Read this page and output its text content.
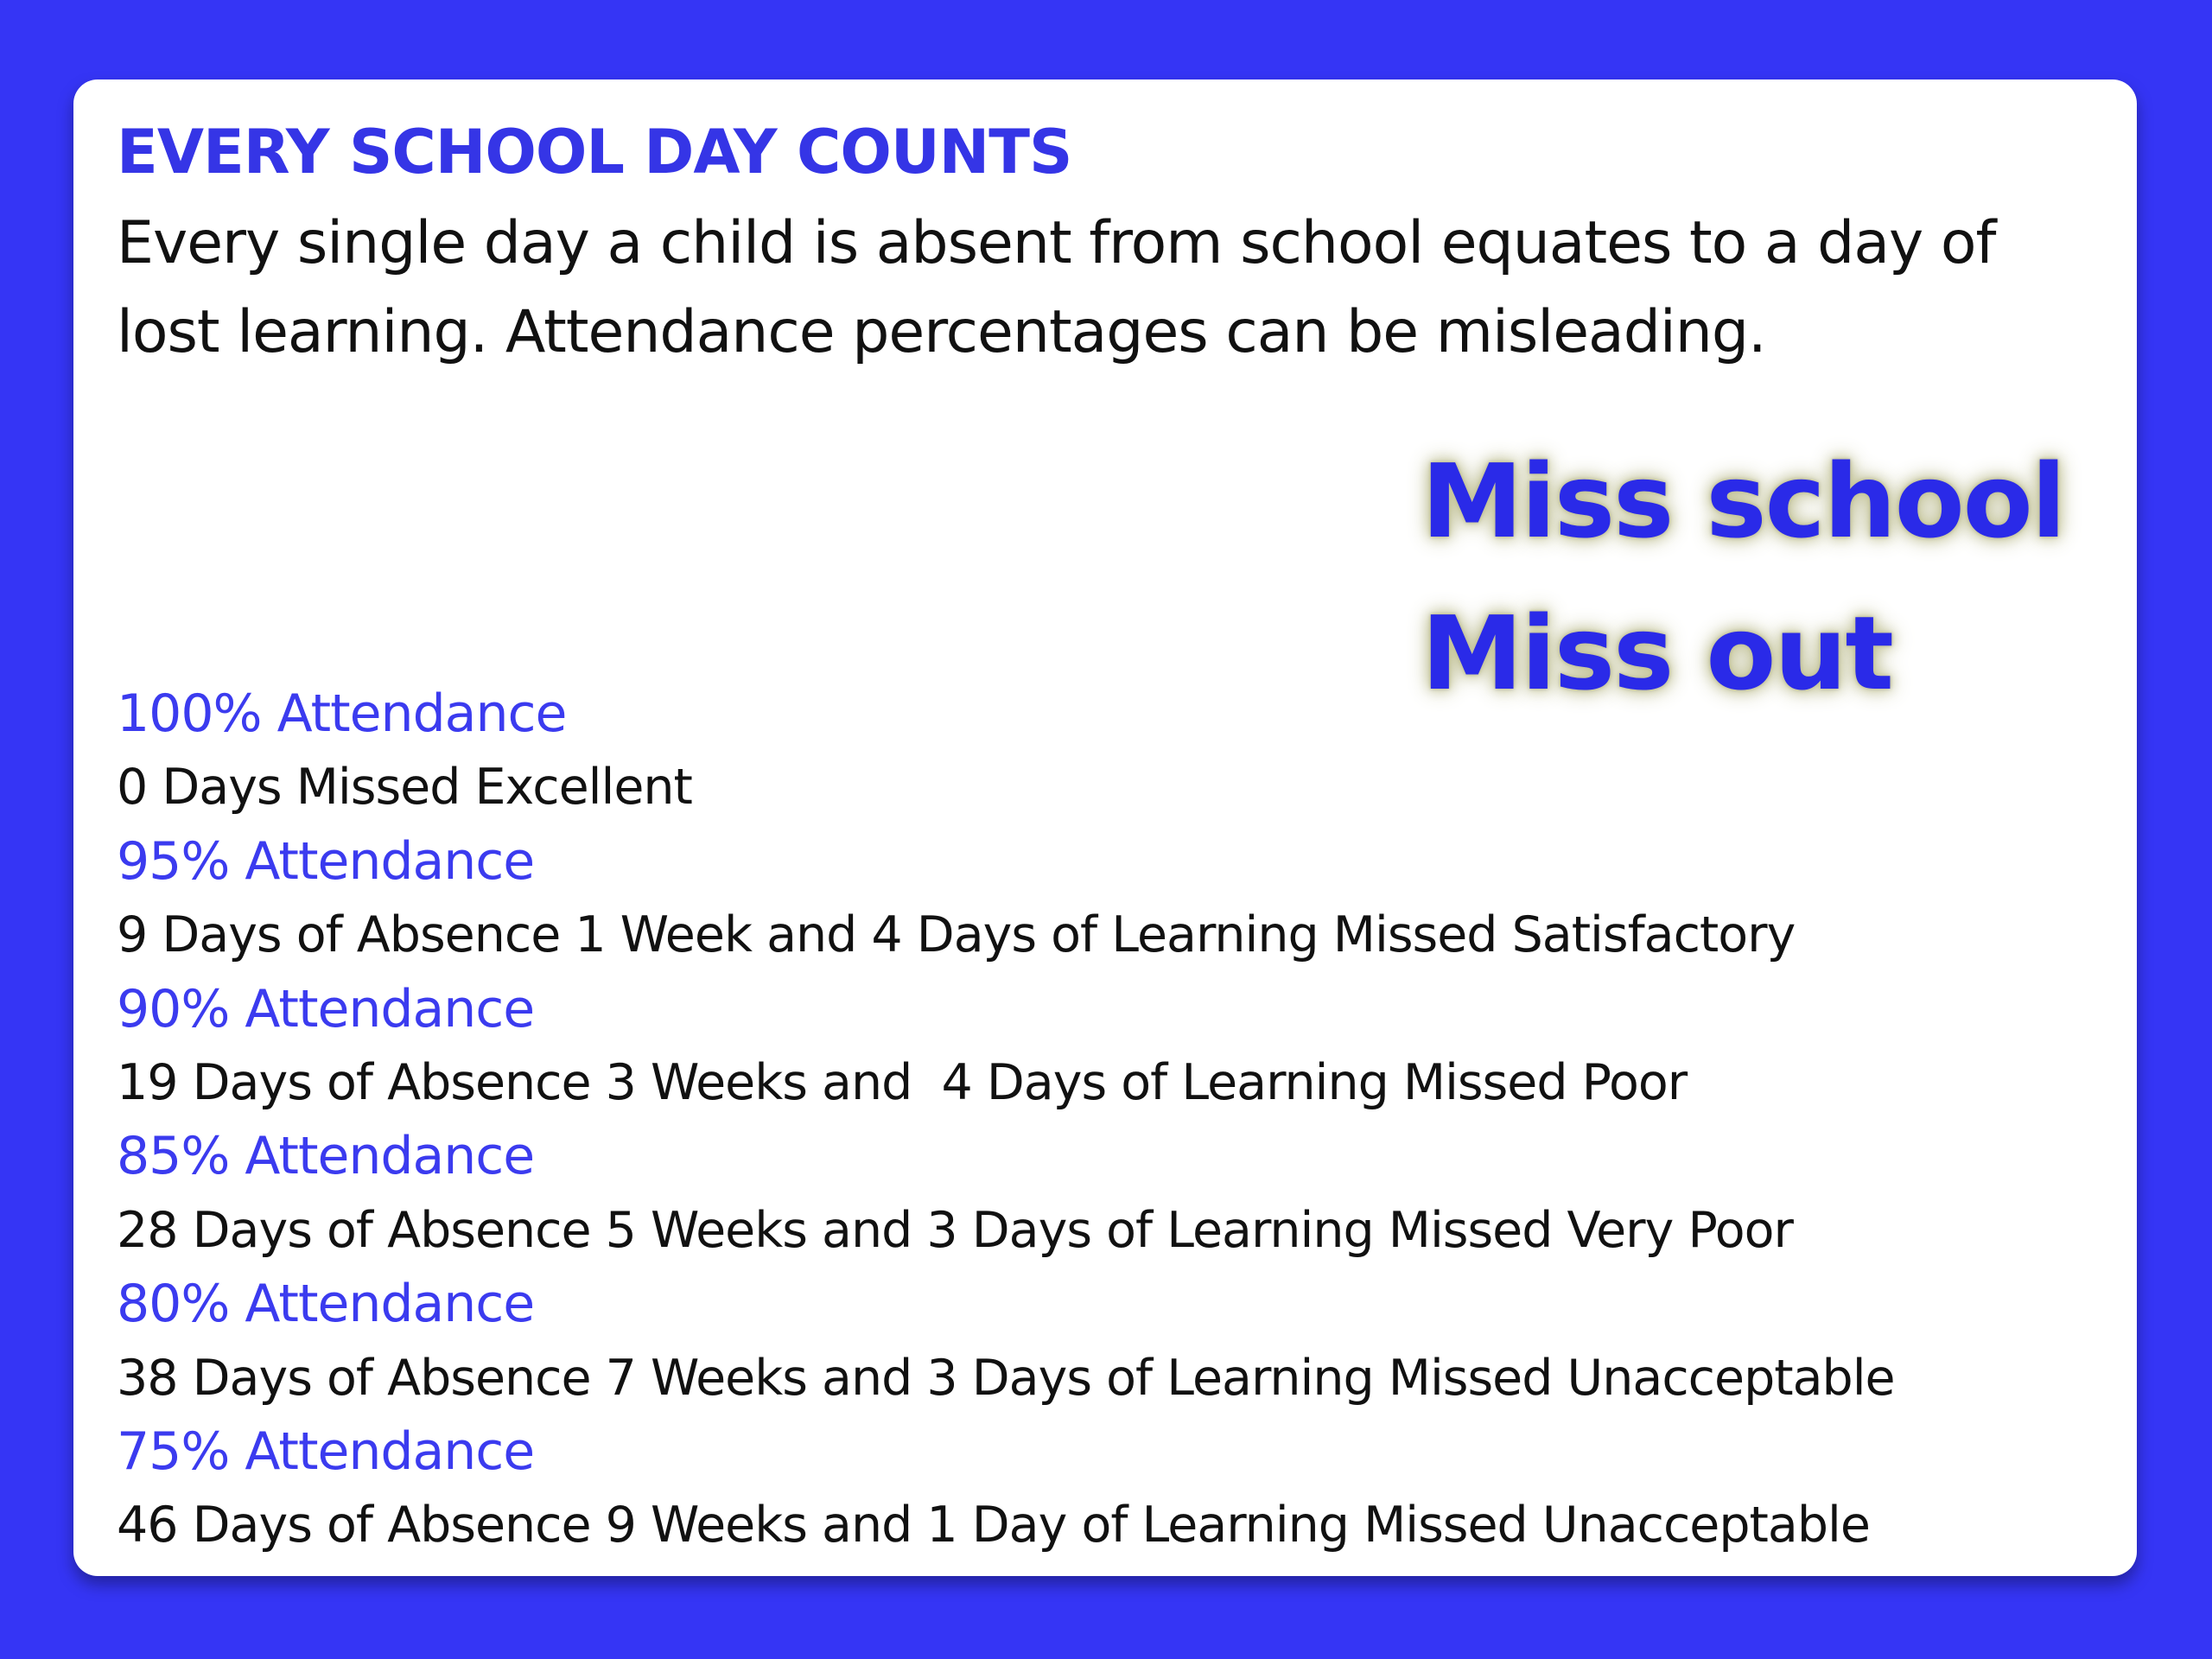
EVERY SCHOOL DAY COUNTS

Every single day a child is absent from school equates to a day of lost learning. Attendance percentages can be misleading.

Miss school
Miss out
100% Attendance
0 Days Missed Excellent
95% Attendance
9 Days of Absence 1 Week and 4 Days of Learning Missed Satisfactory
90% Attendance
19 Days of Absence 3 Weeks and  4 Days of Learning Missed Poor
85% Attendance
28 Days of Absence 5 Weeks and 3 Days of Learning Missed Very Poor
80% Attendance
38 Days of Absence 7 Weeks and 3 Days of Learning Missed Unacceptable
75% Attendance
46 Days of Absence 9 Weeks and 1 Day of Learning Missed Unacceptable
